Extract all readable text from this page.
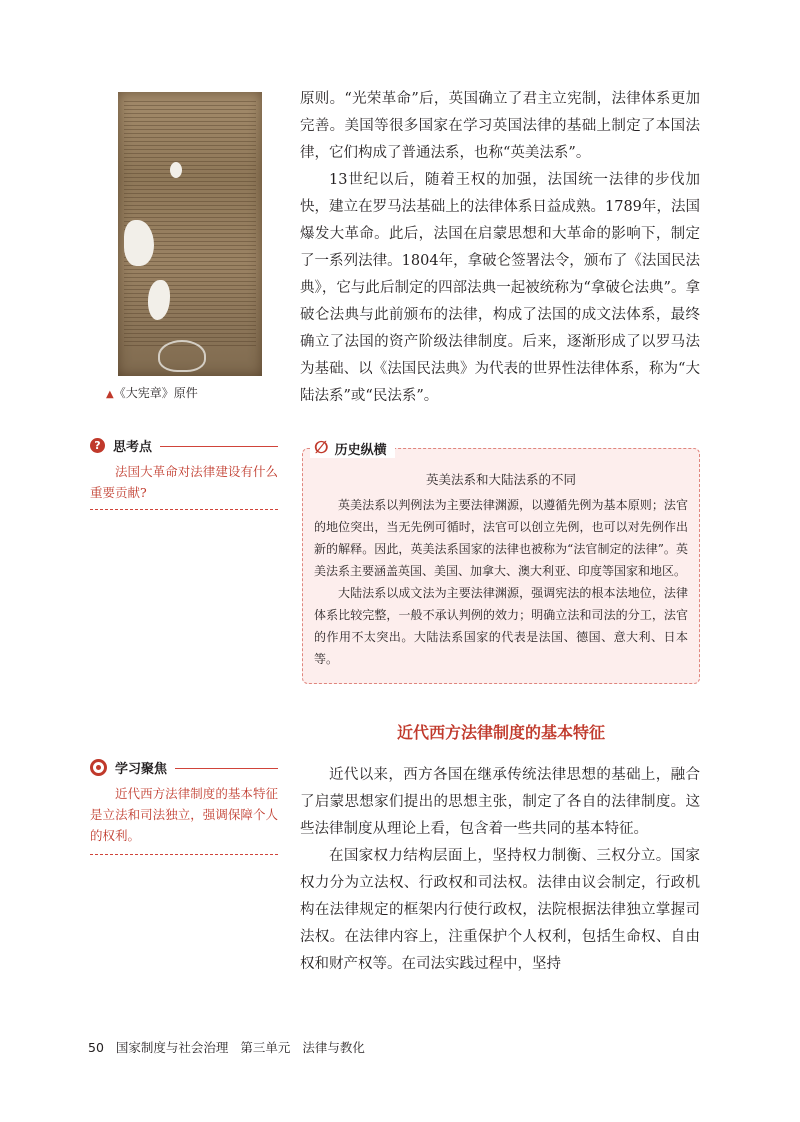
▲《大宪章》原件

原则。“光荣革命”后，英国确立了君主立宪制，法律体系更加完善。美国等很多国家在学习英国法律的基础上制定了本国法律，它们构成了普通法系，也称“英美法系”。

13世纪以后，随着王权的加强，法国统一法律的步伐加快，建立在罗马法基础上的法律体系日益成熟。1789年，法国爆发大革命。此后，法国在启蒙思想和大革命的影响下，制定了一系列法律。1804年，拿破仑签署法令，颁布了《法国民法典》，它与此后制定的四部法典一起被统称为“拿破仑法典”。拿破仑法典与此前颁布的法律，构成了法国的成文法体系，最终确立了法国的资产阶级法律制度。后来，逐渐形成了以罗马法为基础、以《法国民法典》为代表的世界性法律体系，称为“大陆法系”或“民法系”。

? 思考点

法国大革命对法律建设有什么重要贡献?

∅ 历史纵横
英美法系和大陆法系的不同

英美法系以判例法为主要法律渊源，以遵循先例为基本原则；法官的地位突出，当无先例可循时，法官可以创立先例，也可以对先例作出新的解释。因此，英美法系国家的法律也被称为“法官制定的法律”。英美法系主要涵盖英国、美国、加拿大、澳大利亚、印度等国家和地区。

大陆法系以成文法为主要法律渊源，强调宪法的根本法地位，法律体系比较完整，一般不承认判例的效力；明确立法和司法的分工，法官的作用不太突出。大陆法系国家的代表是法国、德国、意大利、日本等。

近代西方法律制度的基本特征
学习聚焦

近代西方法律制度的基本特征是立法和司法独立，强调保障个人的权利。

近代以来，西方各国在继承传统法律思想的基础上，融合了启蒙思想家们提出的思想主张，制定了各自的法律制度。这些法律制度从理论上看，包含着一些共同的基本特征。

在国家权力结构层面上，坚持权力制衡、三权分立。国家权力分为立法权、行政权和司法权。法律由议会制定，行政机构在法律规定的框架内行使行政权，法院根据法律独立掌握司法权。在法律内容上，注重保护个人权利，包括生命权、自由权和财产权等。在司法实践过程中，坚持

50 国家制度与社会治理 第三单元 法律与教化
